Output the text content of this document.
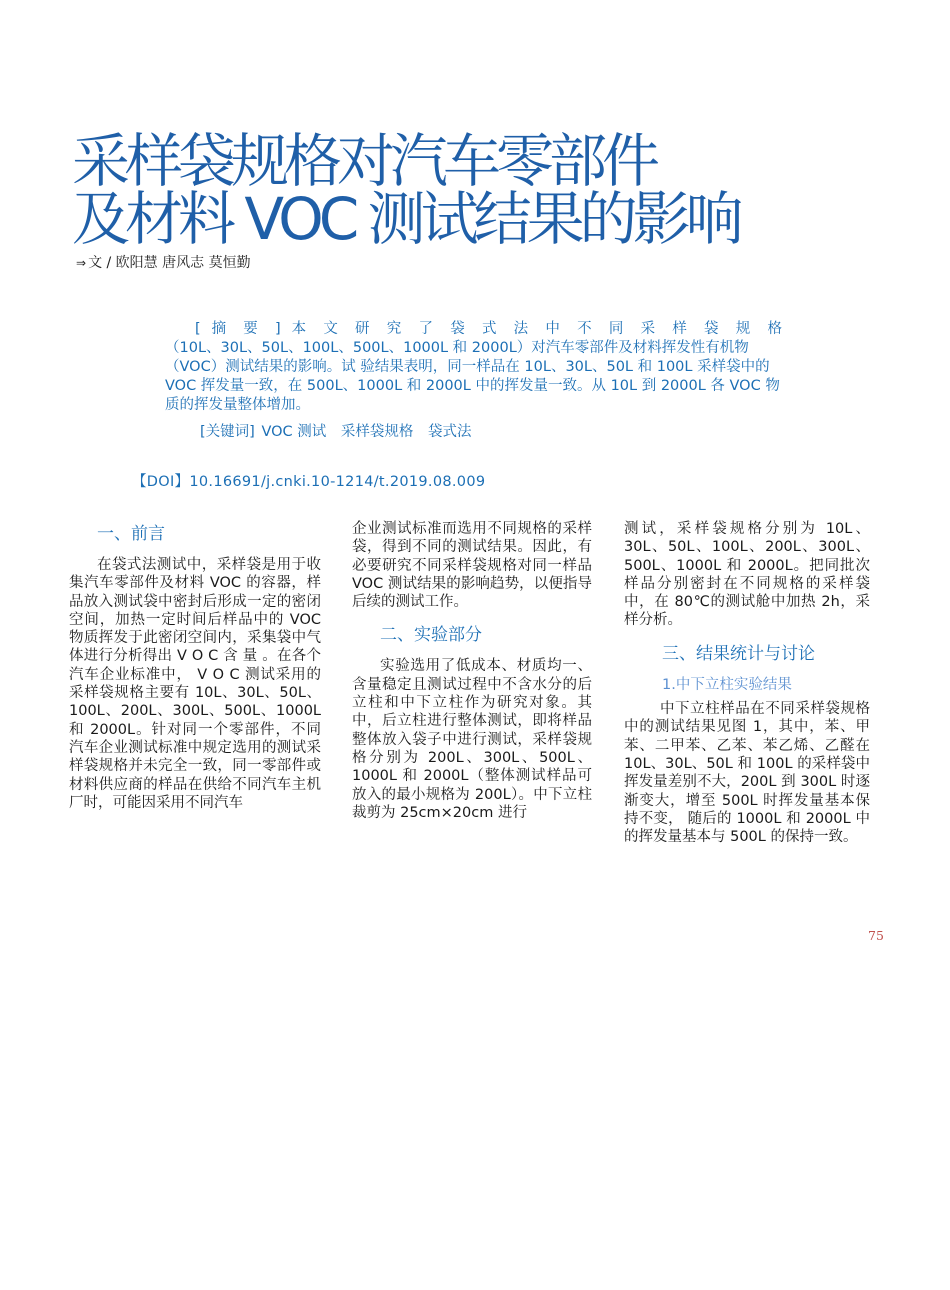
采样袋规格对汽车零部件
及材料 VOC 测试结果的影响
⇒ 文 / 欧阳慧 唐风志 莫恒勤
[ 摘 要 ] 本 文 研 究 了 袋 式 法 中 不 同 采 样 袋 规 格

（10L、30L、50L、100L、500L、1000L 和 2000L）对汽车零部件及材料挥发性有机物（VOC）测试结果的影响。试 验结果表明，同一样品在 10L、30L、50L 和 100L 采样袋中的 VOC 挥发量一致，在 500L、1000L 和 2000L 中的挥发量一致。从 10L 到 2000L 各 VOC 物质的挥发量整体增加。

[关键词] VOC 测试 采样袋规格 袋式法
【DOI】10.16691/j.cnki.10-1214/t.2019.08.009
一、前言

在袋式法测试中，采样袋是用于收集汽车零部件及材料 VOC 的容器，样品放入测试袋中密封后形成一定的密闭空间，加热一定时间后样品中的 VOC 物质挥发于此密闭空间内，采集袋中气体进行分析得出 V O C 含 量 。在各个汽车企业标准中， V O C 测试采用的采样袋规格主要有 10L、30L、50L、100L、200L、300L、500L、1000L 和 2000L。针对同一个零部件，不同汽车企业测试标准中规定选用的测试采样袋规格并未完全一致，同一零部件或材料供应商的样品在供给不同汽车主机厂时，可能因采用不同汽车

企业测试标准而选用不同规格的采样袋，得到不同的测试结果。因此，有必要研究不同采样袋规格对同一样品 VOC 测试结果的影响趋势，以便指导后续的测试工作。

二、实验部分

实验选用了低成本、材质均一、含量稳定且测试过程中不含水分的后立柱和中下立柱作为研究对象。其中，后立柱进行整体测试，即将样品整体放入袋子中进行测试，采样袋规格分别为 200L、300L、500L、1000L 和 2000L（整体测试样品可放入的最小规格为 200L）。中下立柱裁剪为 25cm×20cm 进行

测试，采样袋规格分别为 10L、30L、50L、100L、200L、300L、500L、1000L 和 2000L。把同批次样品分别密封在不同规格的采样袋中，在 80℃的测试舱中加热 2h，采样分析。

三、结果统计与讨论
1.中下立柱实验结果

中下立柱样品在不同采样袋规格中的测试结果见图 1，其中，苯、甲苯、二甲苯、乙苯、苯乙烯、乙醛在 10L、30L、50L 和 100L 的采样袋中挥发量差别不大，200L 到 300L 时逐渐变大，增至 500L 时挥发量基本保持不变， 随后的 1000L 和 2000L 中的挥发量基本与 500L 的保持一致。

75
